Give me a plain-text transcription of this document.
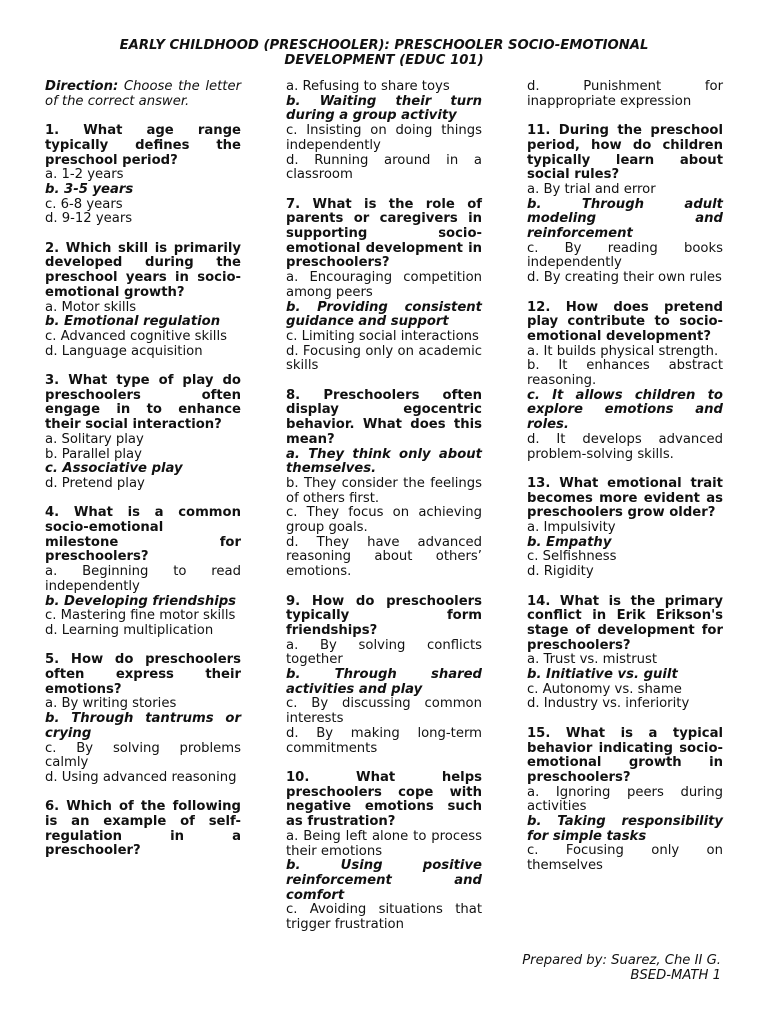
EARLY CHILDHOOD (PRESCHOOLER): PRESCHOOLER SOCIO-EMOTIONAL
DEVELOPMENT (EDUC 101)
Direction: Choose the letter of the correct answer.
1. What age range typically defines the preschool period?
a. 1-2 years
b. 3-5 years
c. 6-8 years
d. 9-12 years
2. Which skill is primarily developed during the preschool years in socio-emotional growth?
a. Motor skills
b. Emotional regulation
c. Advanced cognitive skills
d. Language acquisition
3. What type of play do preschoolers often engage in to enhance their social interaction?
a. Solitary play
b. Parallel play
c. Associative play
d. Pretend play
4. What is a common socio-emotional milestone for preschoolers?
a. Beginning to read independently
b. Developing friendships
c. Mastering fine motor skills
d. Learning multiplication
5. How do preschoolers often express their emotions?
a. By writing stories
b. Through tantrums or crying
c. By solving problems calmly
d. Using advanced reasoning
6. Which of the following is an example of self-regulation in a preschooler?
a. Refusing to share toys
b. Waiting their turn during a group activity
c. Insisting on doing things independently
d. Running around in a classroom
7. What is the role of parents or caregivers in supporting socio-emotional development in preschoolers?
a. Encouraging competition among peers
b. Providing consistent guidance and support
c. Limiting social interactions
d. Focusing only on academic skills
8. Preschoolers often display egocentric behavior. What does this mean?
a. They think only about themselves.
b. They consider the feelings of others first.
c. They focus on achieving group goals.
d. They have advanced reasoning about others’ emotions.
9. How do preschoolers typically form friendships?
a. By solving conflicts together
b. Through shared activities and play
c. By discussing common interests
d. By making long-term commitments
10. What helps preschoolers cope with negative emotions such as frustration?
a. Being left alone to process their emotions
b. Using positive reinforcement and comfort
c. Avoiding situations that trigger frustration
d. Punishment for inappropriate expression
11. During the preschool period, how do children typically learn about social rules?
a. By trial and error
b. Through adult modeling and reinforcement
c. By reading books independently
d. By creating their own rules
12. How does pretend play contribute to socio-emotional development?
a. It builds physical strength.
b. It enhances abstract reasoning.
c. It allows children to explore emotions and roles.
d. It develops advanced problem-solving skills.
13. What emotional trait becomes more evident as preschoolers grow older?
a. Impulsivity
b. Empathy
c. Selfishness
d. Rigidity
14. What is the primary conflict in Erik Erikson's stage of development for preschoolers?
a. Trust vs. mistrust
b. Initiative vs. guilt
c. Autonomy vs. shame
d. Industry vs. inferiority
15. What is a typical behavior indicating socio-emotional growth in preschoolers?
a. Ignoring peers during activities
b. Taking responsibility for simple tasks
c. Focusing only on themselves
Prepared by: Suarez, Che II G.
BSED-MATH 1
